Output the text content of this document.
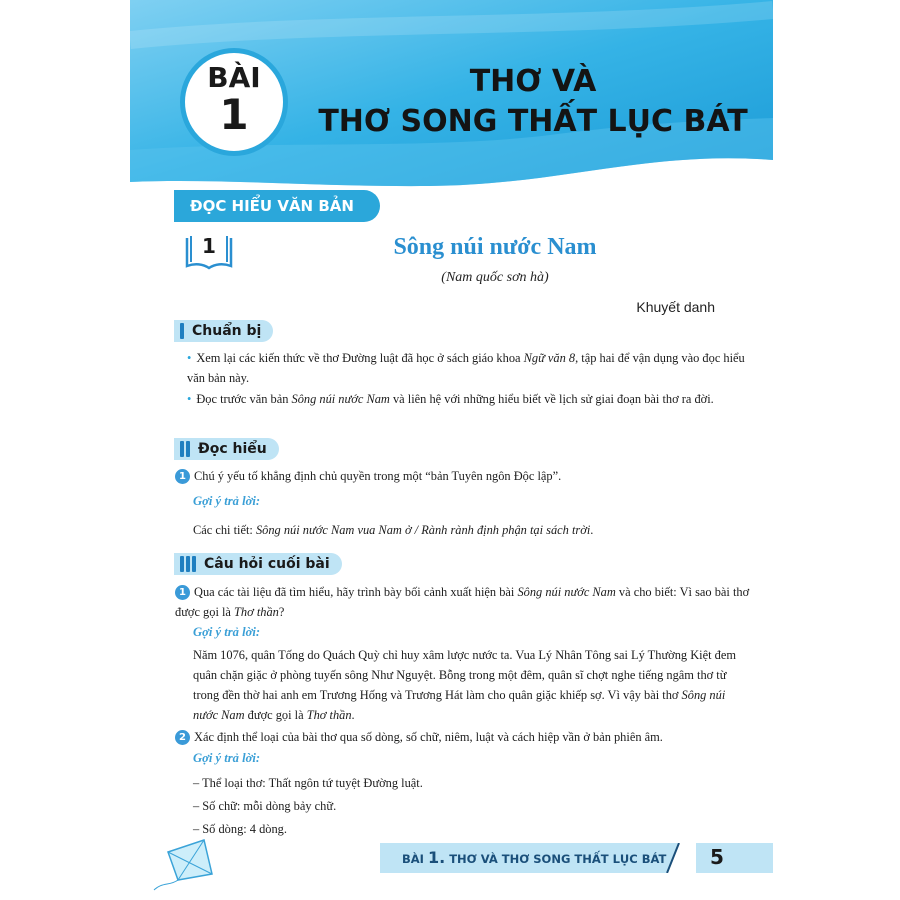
BÀI
1
THƠ VÀ
THƠ SONG THẤT LỤC BÁT
ĐỌC HIỂU VĂN BẢN
1	Sông núi nước Nam
(Nam quốc sơn hà)
Khuyết danh
Chuẩn bị
• Xem lại các kiến thức về thơ Đường luật đã học ở sách giáo khoa Ngữ văn 8, tập hai để vận dụng vào đọc hiểu văn bản này.
• Đọc trước văn bản Sông núi nước Nam và liên hệ với những hiểu biết về lịch sử giai đoạn bài thơ ra đời.
Đọc hiểu
1 Chú ý yếu tố khẳng định chủ quyền trong một “bản Tuyên ngôn Độc lập”.
Gợi ý trả lời:
Các chi tiết: Sông núi nước Nam vua Nam ở / Rành rành định phận tại sách trời.
Câu hỏi cuối bài
1 Qua các tài liệu đã tìm hiểu, hãy trình bày bối cảnh xuất hiện bài Sông núi nước Nam và cho biết: Vì sao bài thơ được gọi là Thơ thần?
Gợi ý trả lời:
Năm 1076, quân Tống do Quách Quỳ chỉ huy xâm lược nước ta. Vua Lý Nhân Tông sai Lý Thường Kiệt đem quân chặn giặc ở phòng tuyến sông Như Nguyệt. Bỗng trong một đêm, quân sĩ chợt nghe tiếng ngâm thơ từ trong đền thờ hai anh em Trương Hống và Trương Hát làm cho quân giặc khiếp sợ. Vì vậy bài thơ Sông núi nước Nam được gọi là Thơ thần.
2 Xác định thể loại của bài thơ qua số dòng, số chữ, niêm, luật và cách hiệp vần ở bản phiên âm.
Gợi ý trả lời:
– Thể loại thơ: Thất ngôn tứ tuyệt Đường luật.
– Số chữ: mỗi dòng bảy chữ.
– Số dòng: 4 dòng.
BÀI 1. THƠ VÀ THƠ SONG THẤT LỤC BÁT	5
